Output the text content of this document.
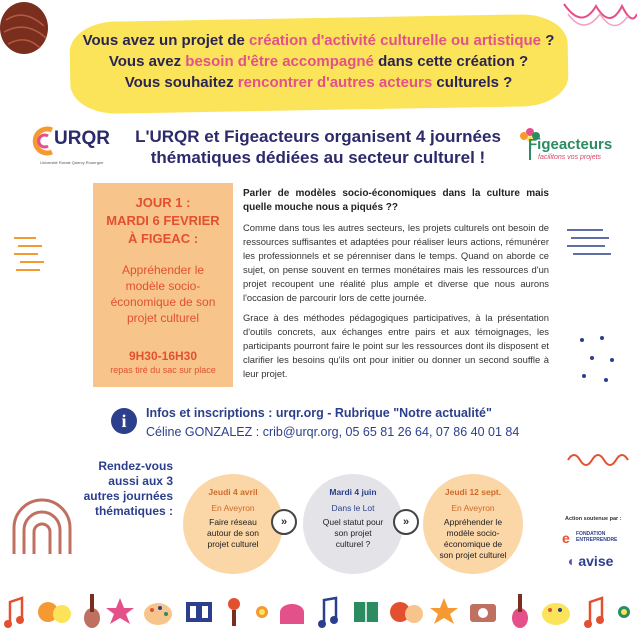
Vous avez un projet de création d'activité culturelle ou artistique ?
Vous avez besoin d'être accompagné dans cette création ?
Vous souhaitez rencontrer d'autres acteurs culturels ?
URQR
Université Rurale Quercy Rouergue
L'URQR et Figeacteurs organisent 4 journées
thématiques dédiées au secteur culturel !
Figeacteurs
facilitons vos projets
JOUR 1 :
MARDI 6 FEVRIER
À FIGEAC :
Appréhender le
modèle socio-
économique de son
projet culturel
9H30-16H30
repas tiré du sac sur place

Parler de modèles socio-économiques dans la culture mais quelle mouche nous a piqués ??

Comme dans tous les autres secteurs, les projets culturels ont besoin de ressources suffisantes et adaptées pour réaliser leurs actions, rémunérer les professionnels et se pérenniser dans le temps. Quand on aborde ce sujet, on pense souvent en termes monétaires mais les ressources d'un projet recoupent une réalité plus ample et diverse que nous aurons l'occasion de parcourir lors de cette journée.

Grace à des méthodes pédagogiques participatives, à la présentation d'outils concrets, aux échanges entre pairs et aux témoignages, les participants pourront faire le point sur les ressources dont ils disposent et clarifier les besoins qu'ils ont pour initier ou donner un second souffle à leur projet.

i	Infos et inscriptions : urqr.org - Rubrique "Notre actualité"
Céline GONZALEZ : crib@urqr.org, 05 65 81 26 64, 07 86 40 01 84
Rendez-vous
aussi aux 3
autres journées
thématiques :
Jeudi 4 avril
En Aveyron
Faire réseau
autour de son
projet culturel
»
Mardi 4 juin
Dans le Lot
Quel statut pour
son projet
culturel ?
»
Jeudi 12 sept.
En Aveyron
Appréhender le
modèle socio-
économique de
son projet culturel
Action soutenue par :
e FONDATION ENTREPRENDRE
◖ avise
